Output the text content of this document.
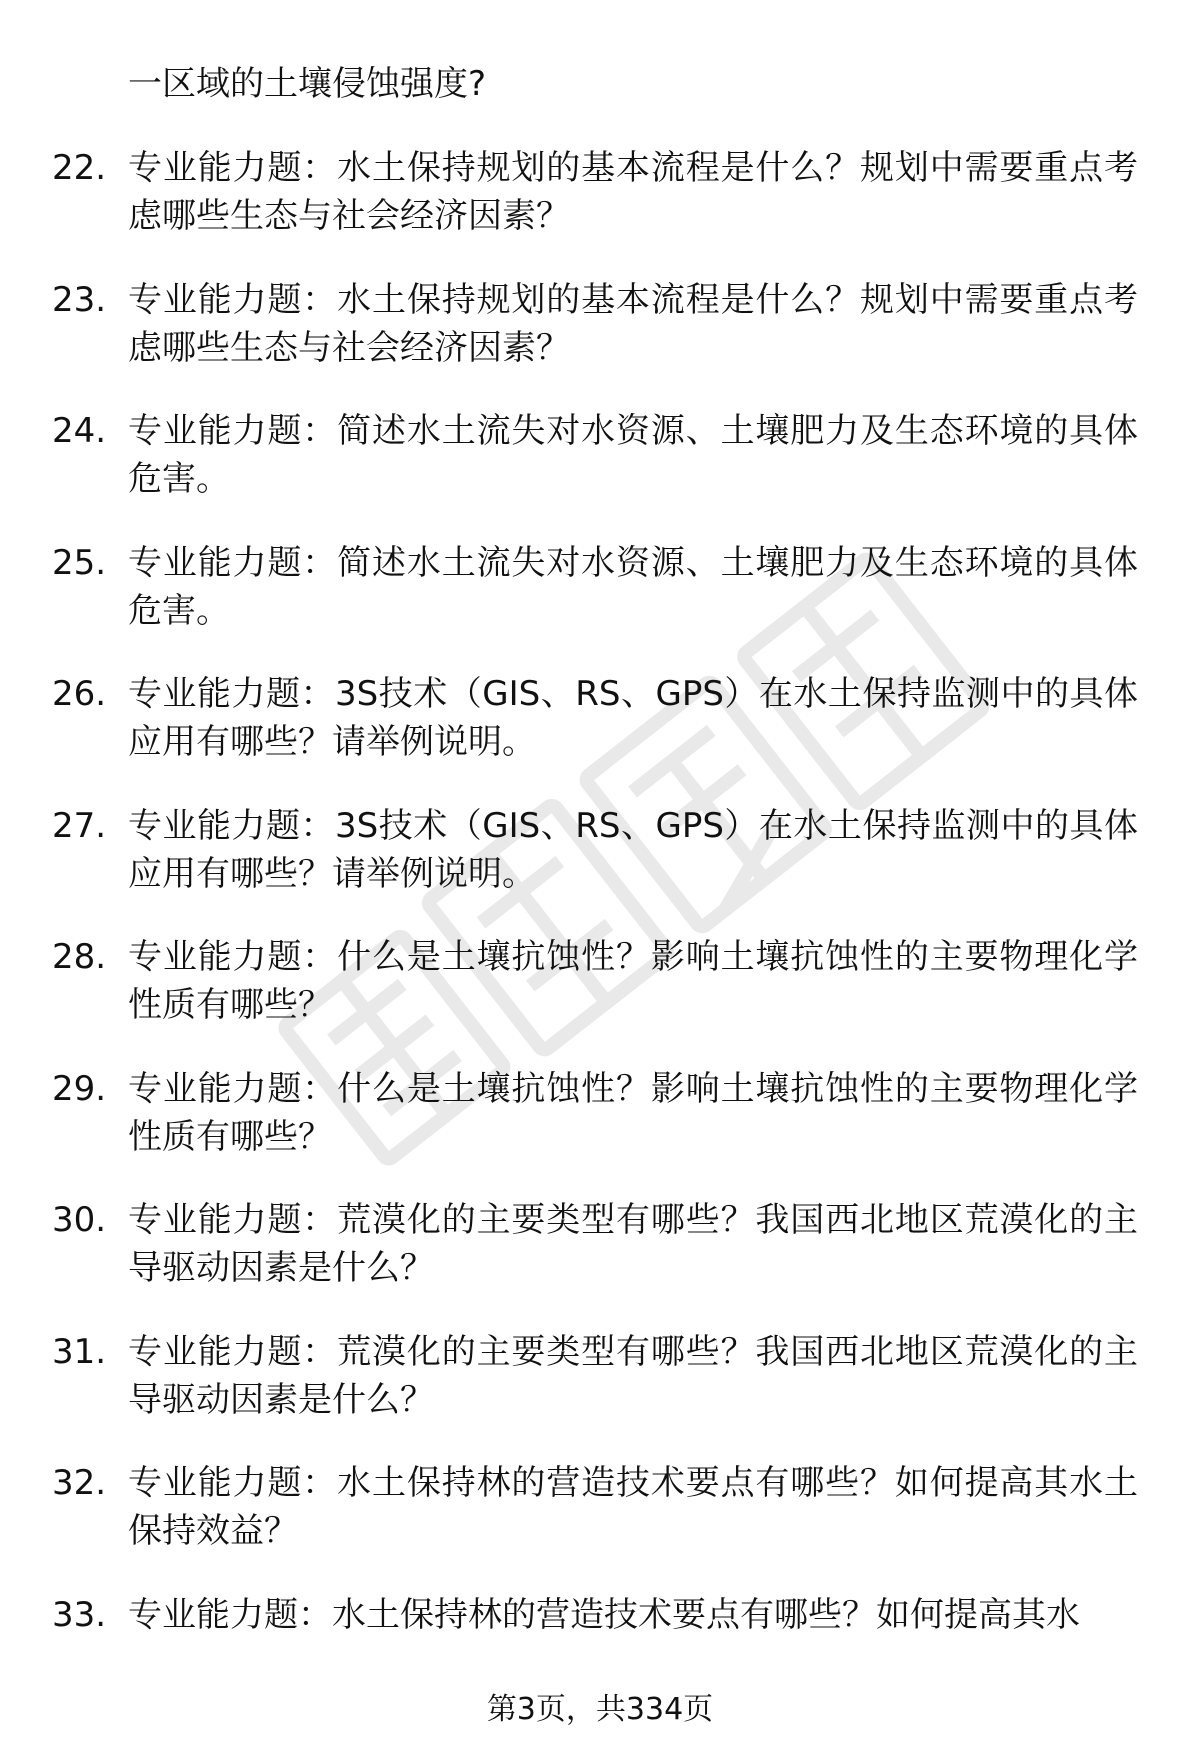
一区域的土壤侵蚀强度?
22. 专业能力题：水土保持规划的基本流程是什么？规划中需要重点考虑哪些生态与社会经济因素？
23. 专业能力题：水土保持规划的基本流程是什么？规划中需要重点考虑哪些生态与社会经济因素？
24. 专业能力题：简述水土流失对水资源、土壤肥力及生态环境的具体危害。
25. 专业能力题：简述水土流失对水资源、土壤肥力及生态环境的具体危害。
26. 专业能力题：3S技术（GIS、RS、GPS）在水土保持监测中的具体应用有哪些？请举例说明。
27. 专业能力题：3S技术（GIS、RS、GPS）在水土保持监测中的具体应用有哪些？请举例说明。
28. 专业能力题：什么是土壤抗蚀性？影响土壤抗蚀性的主要物理化学性质有哪些？
29. 专业能力题：什么是土壤抗蚀性？影响土壤抗蚀性的主要物理化学性质有哪些？
30. 专业能力题：荒漠化的主要类型有哪些？我国西北地区荒漠化的主导驱动因素是什么？
31. 专业能力题：荒漠化的主要类型有哪些？我国西北地区荒漠化的主导驱动因素是什么？
32. 专业能力题：水土保持林的营造技术要点有哪些？如何提高其水土保持效益？
33. 专业能力题：水土保持林的营造技术要点有哪些？如何提高其水
第3页，共334页
